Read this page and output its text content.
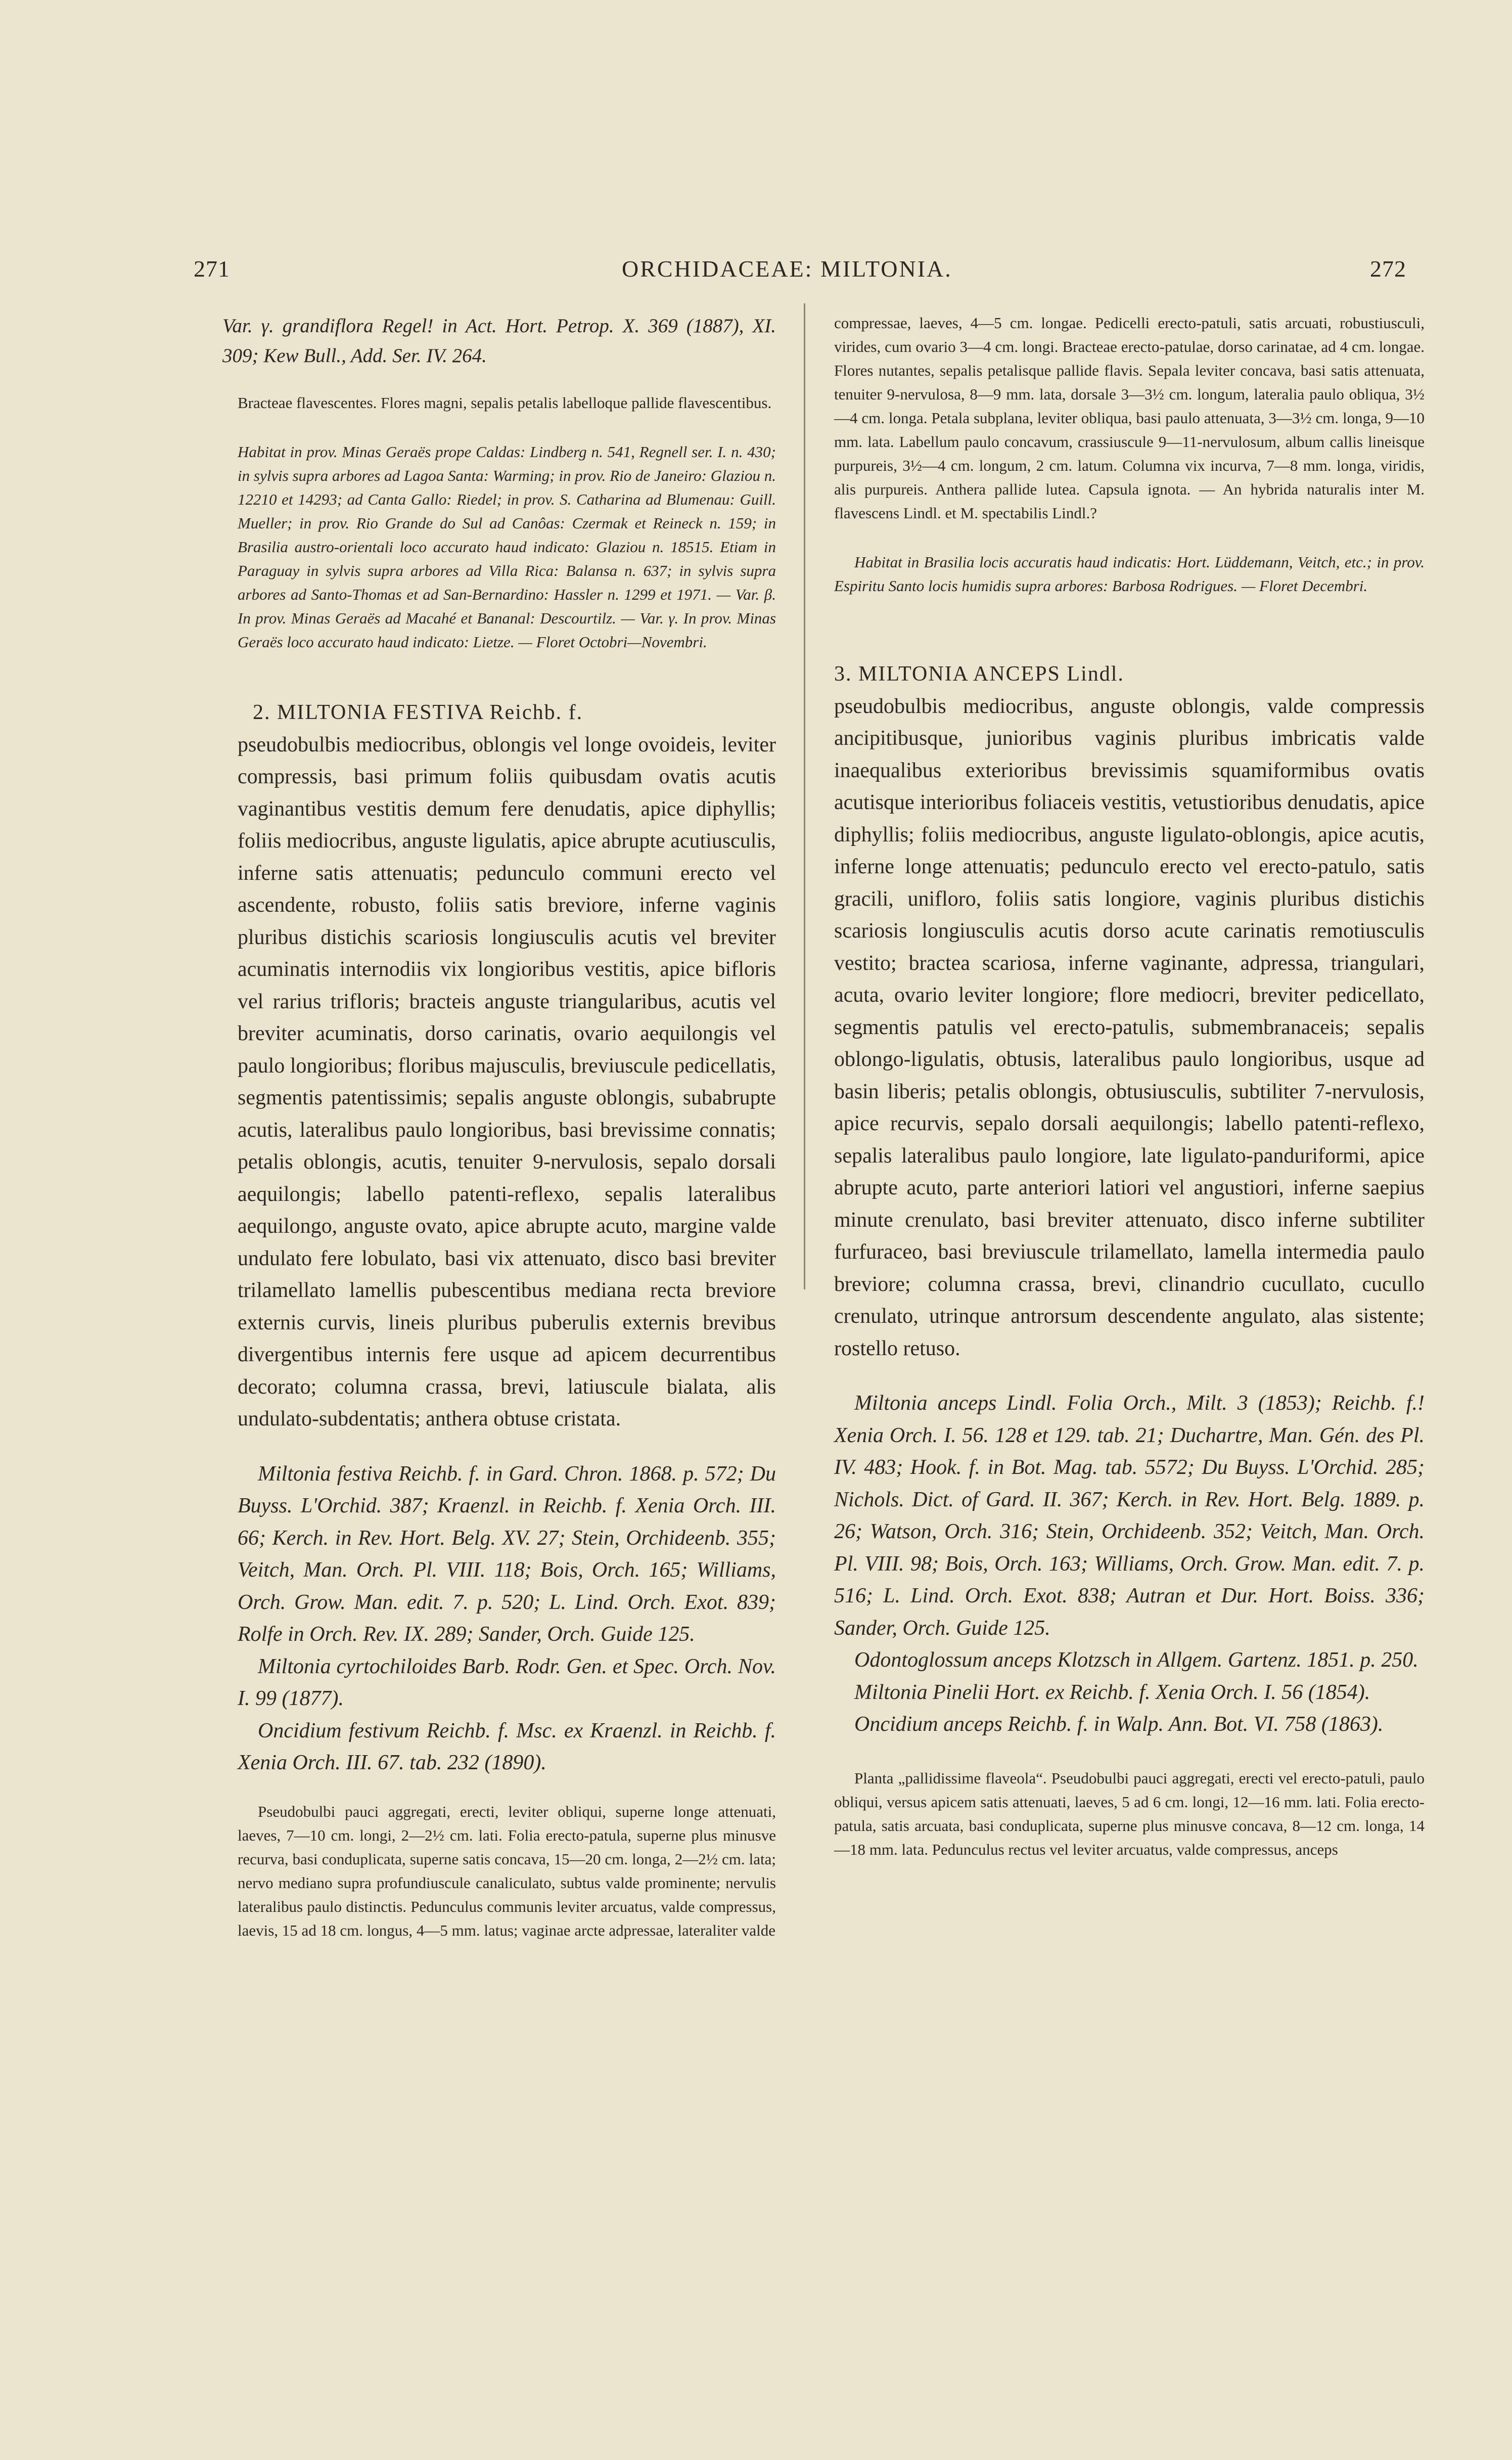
271	ORCHIDACEAE: MILTONIA.	272

Var. γ. grandiflora Regel! in Act. Hort. Petrop. X. 369 (1887), XI. 309; Kew Bull., Add. Ser. IV. 264.

Bracteae flavescentes. Flores magni, sepalis petalis labelloque pallide flavescentibus.

Habitat in prov. Minas Geraës prope Caldas: Lindberg n. 541, Regnell ser. I. n. 430; in sylvis supra arbores ad Lagoa Santa: Warming; in prov. Rio de Janeiro: Glaziou n. 12210 et 14293; ad Canta Gallo: Riedel; in prov. S. Catharina ad Blumenau: Guill. Mueller; in prov. Rio Grande do Sul ad Canôas: Czermak et Reineck n. 159; in Brasilia austro-orientali loco accurato haud indicato: Glaziou n. 18515. Etiam in Paraguay in sylvis supra arbores ad Villa Rica: Balansa n. 637; in sylvis supra arbores ad Santo-Thomas et ad San-Bernardino: Hassler n. 1299 et 1971. — Var. β. In prov. Minas Geraës ad Macahé et Bananal: Descourtilz. — Var. γ. In prov. Minas Geraës loco accurato haud indicato: Lietze. — Floret Octobri—Novembri.

2. MILTONIA FESTIVA Reichb. f.

pseudobulbis mediocribus, oblongis vel longe ovoideis, leviter compressis, basi primum foliis quibusdam ovatis acutis vaginantibus vestitis demum fere denudatis, apice diphyllis; foliis mediocribus, anguste ligulatis, apice abrupte acutiusculis, inferne satis attenuatis; pedunculo communi erecto vel ascendente, robusto, foliis satis breviore, inferne vaginis pluribus distichis scariosis longiusculis acutis vel breviter acuminatis internodiis vix longioribus vestitis, apice bifloris vel rarius trifloris; bracteis anguste triangularibus, acutis vel breviter acuminatis, dorso carinatis, ovario aequilongis vel paulo longioribus; floribus majusculis, breviuscule pedicellatis, segmentis patentissimis; sepalis anguste oblongis, subabrupte acutis, lateralibus paulo longioribus, basi brevissime connatis; petalis oblongis, acutis, tenuiter 9-nervulosis, sepalo dorsali aequilongis; labello patenti-reflexo, sepalis lateralibus aequilongo, anguste ovato, apice abrupte acuto, margine valde undulato fere lobulato, basi vix attenuato, disco basi breviter trilamellato lamellis pubescentibus mediana recta breviore externis curvis, lineis pluribus puberulis externis brevibus divergentibus internis fere usque ad apicem decurrentibus decorato; columna crassa, brevi, latiuscule bialata, alis undulato-subdentatis; anthera obtuse cristata.

Miltonia festiva Reichb. f. in Gard. Chron. 1868. p. 572; Du Buyss. L'Orchid. 387; Kraenzl. in Reichb. f. Xenia Orch. III. 66; Kerch. in Rev. Hort. Belg. XV. 27; Stein, Orchideenb. 355; Veitch, Man. Orch. Pl. VIII. 118; Bois, Orch. 165; Williams, Orch. Grow. Man. edit. 7. p. 520; L. Lind. Orch. Exot. 839; Rolfe in Orch. Rev. IX. 289; Sander, Orch. Guide 125.

Miltonia cyrtochiloides Barb. Rodr. Gen. et Spec. Orch. Nov. I. 99 (1877).

Oncidium festivum Reichb. f. Msc. ex Kraenzl. in Reichb. f. Xenia Orch. III. 67. tab. 232 (1890).

Pseudobulbi pauci aggregati, erecti, leviter obliqui, superne longe attenuati, laeves, 7—10 cm. longi, 2—2½ cm. lati. Folia erecto-patula, superne plus minusve recurva, basi conduplicata, superne satis concava, 15—20 cm. longa, 2—2½ cm. lata; nervo mediano supra profundiuscule canaliculato, subtus valde prominente; nervulis lateralibus paulo distinctis. Pedunculus communis leviter arcuatus, valde compressus, laevis, 15 ad 18 cm. longus, 4—5 mm. latus; vaginae arcte adpressae, lateraliter valde

compressae, laeves, 4—5 cm. longae. Pedicelli erecto-patuli, satis arcuati, robustiusculi, virides, cum ovario 3—4 cm. longi. Bracteae erecto-patulae, dorso carinatae, ad 4 cm. longae. Flores nutantes, sepalis petalisque pallide flavis. Sepala leviter concava, basi satis attenuata, tenuiter 9-nervulosa, 8—9 mm. lata, dorsale 3—3½ cm. longum, lateralia paulo obliqua, 3½—4 cm. longa. Petala subplana, leviter obliqua, basi paulo attenuata, 3—3½ cm. longa, 9—10 mm. lata. Labellum paulo concavum, crassiuscule 9—11-nervulosum, album callis lineisque purpureis, 3½—4 cm. longum, 2 cm. latum. Columna vix incurva, 7—8 mm. longa, viridis, alis purpureis. Anthera pallide lutea. Capsula ignota. — An hybrida naturalis inter M. flavescens Lindl. et M. spectabilis Lindl.?

Habitat in Brasilia locis accuratis haud indicatis: Hort. Lüddemann, Veitch, etc.; in prov. Espiritu Santo locis humidis supra arbores: Barbosa Rodrigues. — Floret Decembri.

3. MILTONIA ANCEPS Lindl.

pseudobulbis mediocribus, anguste oblongis, valde compressis ancipitibusque, junioribus vaginis pluribus imbricatis valde inaequalibus exterioribus brevissimis squamiformibus ovatis acutisque interioribus foliaceis vestitis, vetustioribus denudatis, apice diphyllis; foliis mediocribus, anguste ligulato-oblongis, apice acutis, inferne longe attenuatis; pedunculo erecto vel erecto-patulo, satis gracili, unifloro, foliis satis longiore, vaginis pluribus distichis scariosis longiusculis acutis dorso acute carinatis remotiusculis vestito; bractea scariosa, inferne vaginante, adpressa, triangulari, acuta, ovario leviter longiore; flore mediocri, breviter pedicellato, segmentis patulis vel erecto-patulis, submembranaceis; sepalis oblongo-ligulatis, obtusis, lateralibus paulo longioribus, usque ad basin liberis; petalis oblongis, obtusiusculis, subtiliter 7-nervulosis, apice recurvis, sepalo dorsali aequilongis; labello patenti-reflexo, sepalis lateralibus paulo longiore, late ligulato-panduriformi, apice abrupte acuto, parte anteriori latiori vel angustiori, inferne saepius minute crenulato, basi breviter attenuato, disco inferne subtiliter furfuraceo, basi breviuscule trilamellato, lamella intermedia paulo breviore; columna crassa, brevi, clinandrio cucullato, cucullo crenulato, utrinque antrorsum descendente angulato, alas sistente; rostello retuso.

Miltonia anceps Lindl. Folia Orch., Milt. 3 (1853); Reichb. f.! Xenia Orch. I. 56. 128 et 129. tab. 21; Duchartre, Man. Gén. des Pl. IV. 483; Hook. f. in Bot. Mag. tab. 5572; Du Buyss. L'Orchid. 285; Nichols. Dict. of Gard. II. 367; Kerch. in Rev. Hort. Belg. 1889. p. 26; Watson, Orch. 316; Stein, Orchideenb. 352; Veitch, Man. Orch. Pl. VIII. 98; Bois, Orch. 163; Williams, Orch. Grow. Man. edit. 7. p. 516; L. Lind. Orch. Exot. 838; Autran et Dur. Hort. Boiss. 336; Sander, Orch. Guide 125.

Odontoglossum anceps Klotzsch in Allgem. Gartenz. 1851. p. 250.

Miltonia Pinelii Hort. ex Reichb. f. Xenia Orch. I. 56 (1854).

Oncidium anceps Reichb. f. in Walp. Ann. Bot. VI. 758 (1863).

Planta „pallidissime flaveola“. Pseudobulbi pauci aggregati, erecti vel erecto-patuli, paulo obliqui, versus apicem satis attenuati, laeves, 5 ad 6 cm. longi, 12—16 mm. lati. Folia erecto-patula, satis arcuata, basi conduplicata, superne plus minusve concava, 8—12 cm. longa, 14—18 mm. lata. Pedunculus rectus vel leviter arcuatus, valde compressus, anceps
